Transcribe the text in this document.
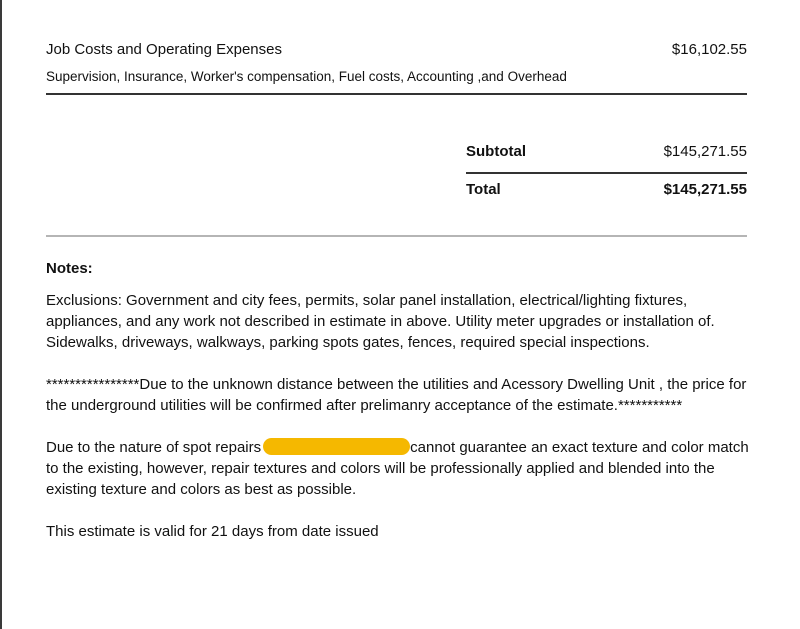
Job Costs and Operating Expenses	$16,102.55
Supervision, Insurance, Worker's compensation, Fuel costs, Accounting ,and Overhead
Subtotal	$145,271.55
Total	$145,271.55
Notes:

Exclusions: Government and city fees, permits, solar panel installation, electrical/lighting fixtures, appliances, and any work not described in estimate in above. Utility meter upgrades or installation of. Sidewalks, driveways, walkways, parking spots gates, fences, required special inspections.

****************Due to the unknown distance between the utilities and Acessory Dwelling Unit , the price for the underground utilities will be confirmed after prelimanry acceptance of the estimate.***********

Due to the nature of spot repairs	cannot guarantee an exact texture and color match to the existing, however, repair textures and colors will be professionally applied and blended into the existing texture and colors as best as possible.

This estimate is valid for 21 days from date issued
